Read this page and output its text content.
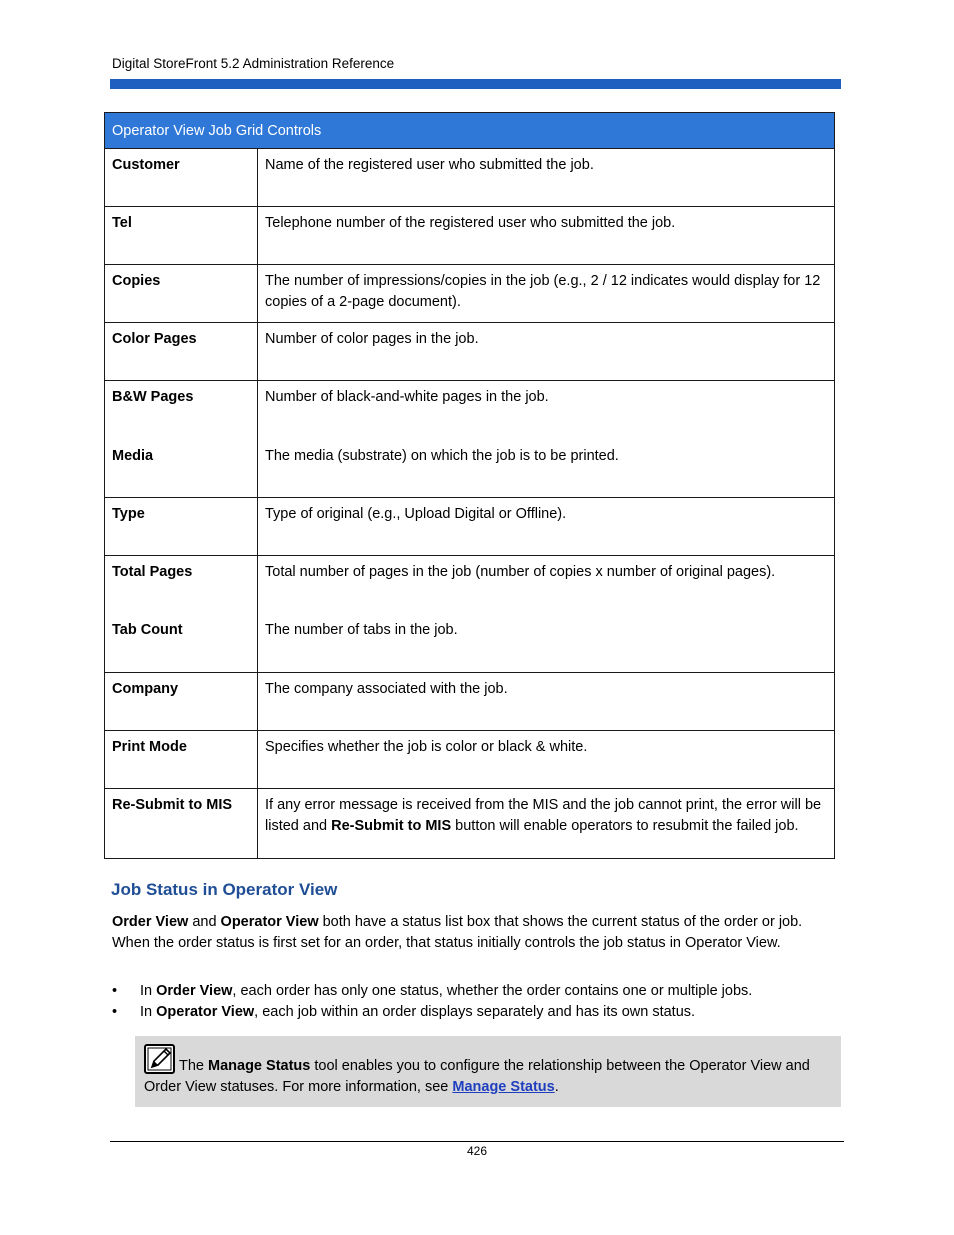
Digital StoreFront 5.2 Administration Reference
Operator View Job Grid Controls	
Customer	Name of the registered user who submitted the job.
Tel	Telephone number of the registered user who submitted the job.
Copies	The number of impressions/copies in the job (e.g., 2 / 12 indicates would display for 12 copies of a 2-page document).
Color Pages	Number of color pages in the job.
B&W Pages	Number of black-and-white pages in the job.
Media	The media (substrate) on which the job is to be printed.
Type	Type of original (e.g., Upload Digital or Offline).
Total Pages	Total number of pages in the job (number of copies x number of original pages).
Tab Count	The number of tabs in the job.
Company	The company associated with the job.
Print Mode	Specifies whether the job is color or black & white.
Re-Submit to MIS	If any error message is received from the MIS and the job cannot print, the error will be listed and Re-Submit to MIS button will enable operators to resubmit the failed job.
Job Status in Operator View
Order View and Operator View both have a status list box that shows the current status of the order or job. When the order status is first set for an order, that status initially controls the job status in Operator View.
• In Order View, each order has only one status, whether the order contains one or multiple jobs.
• In Operator View, each job within an order displays separately and has its own status.
The Manage Status tool enables you to configure the relationship between the Operator View and Order View statuses. For more information, see Manage Status.
426
